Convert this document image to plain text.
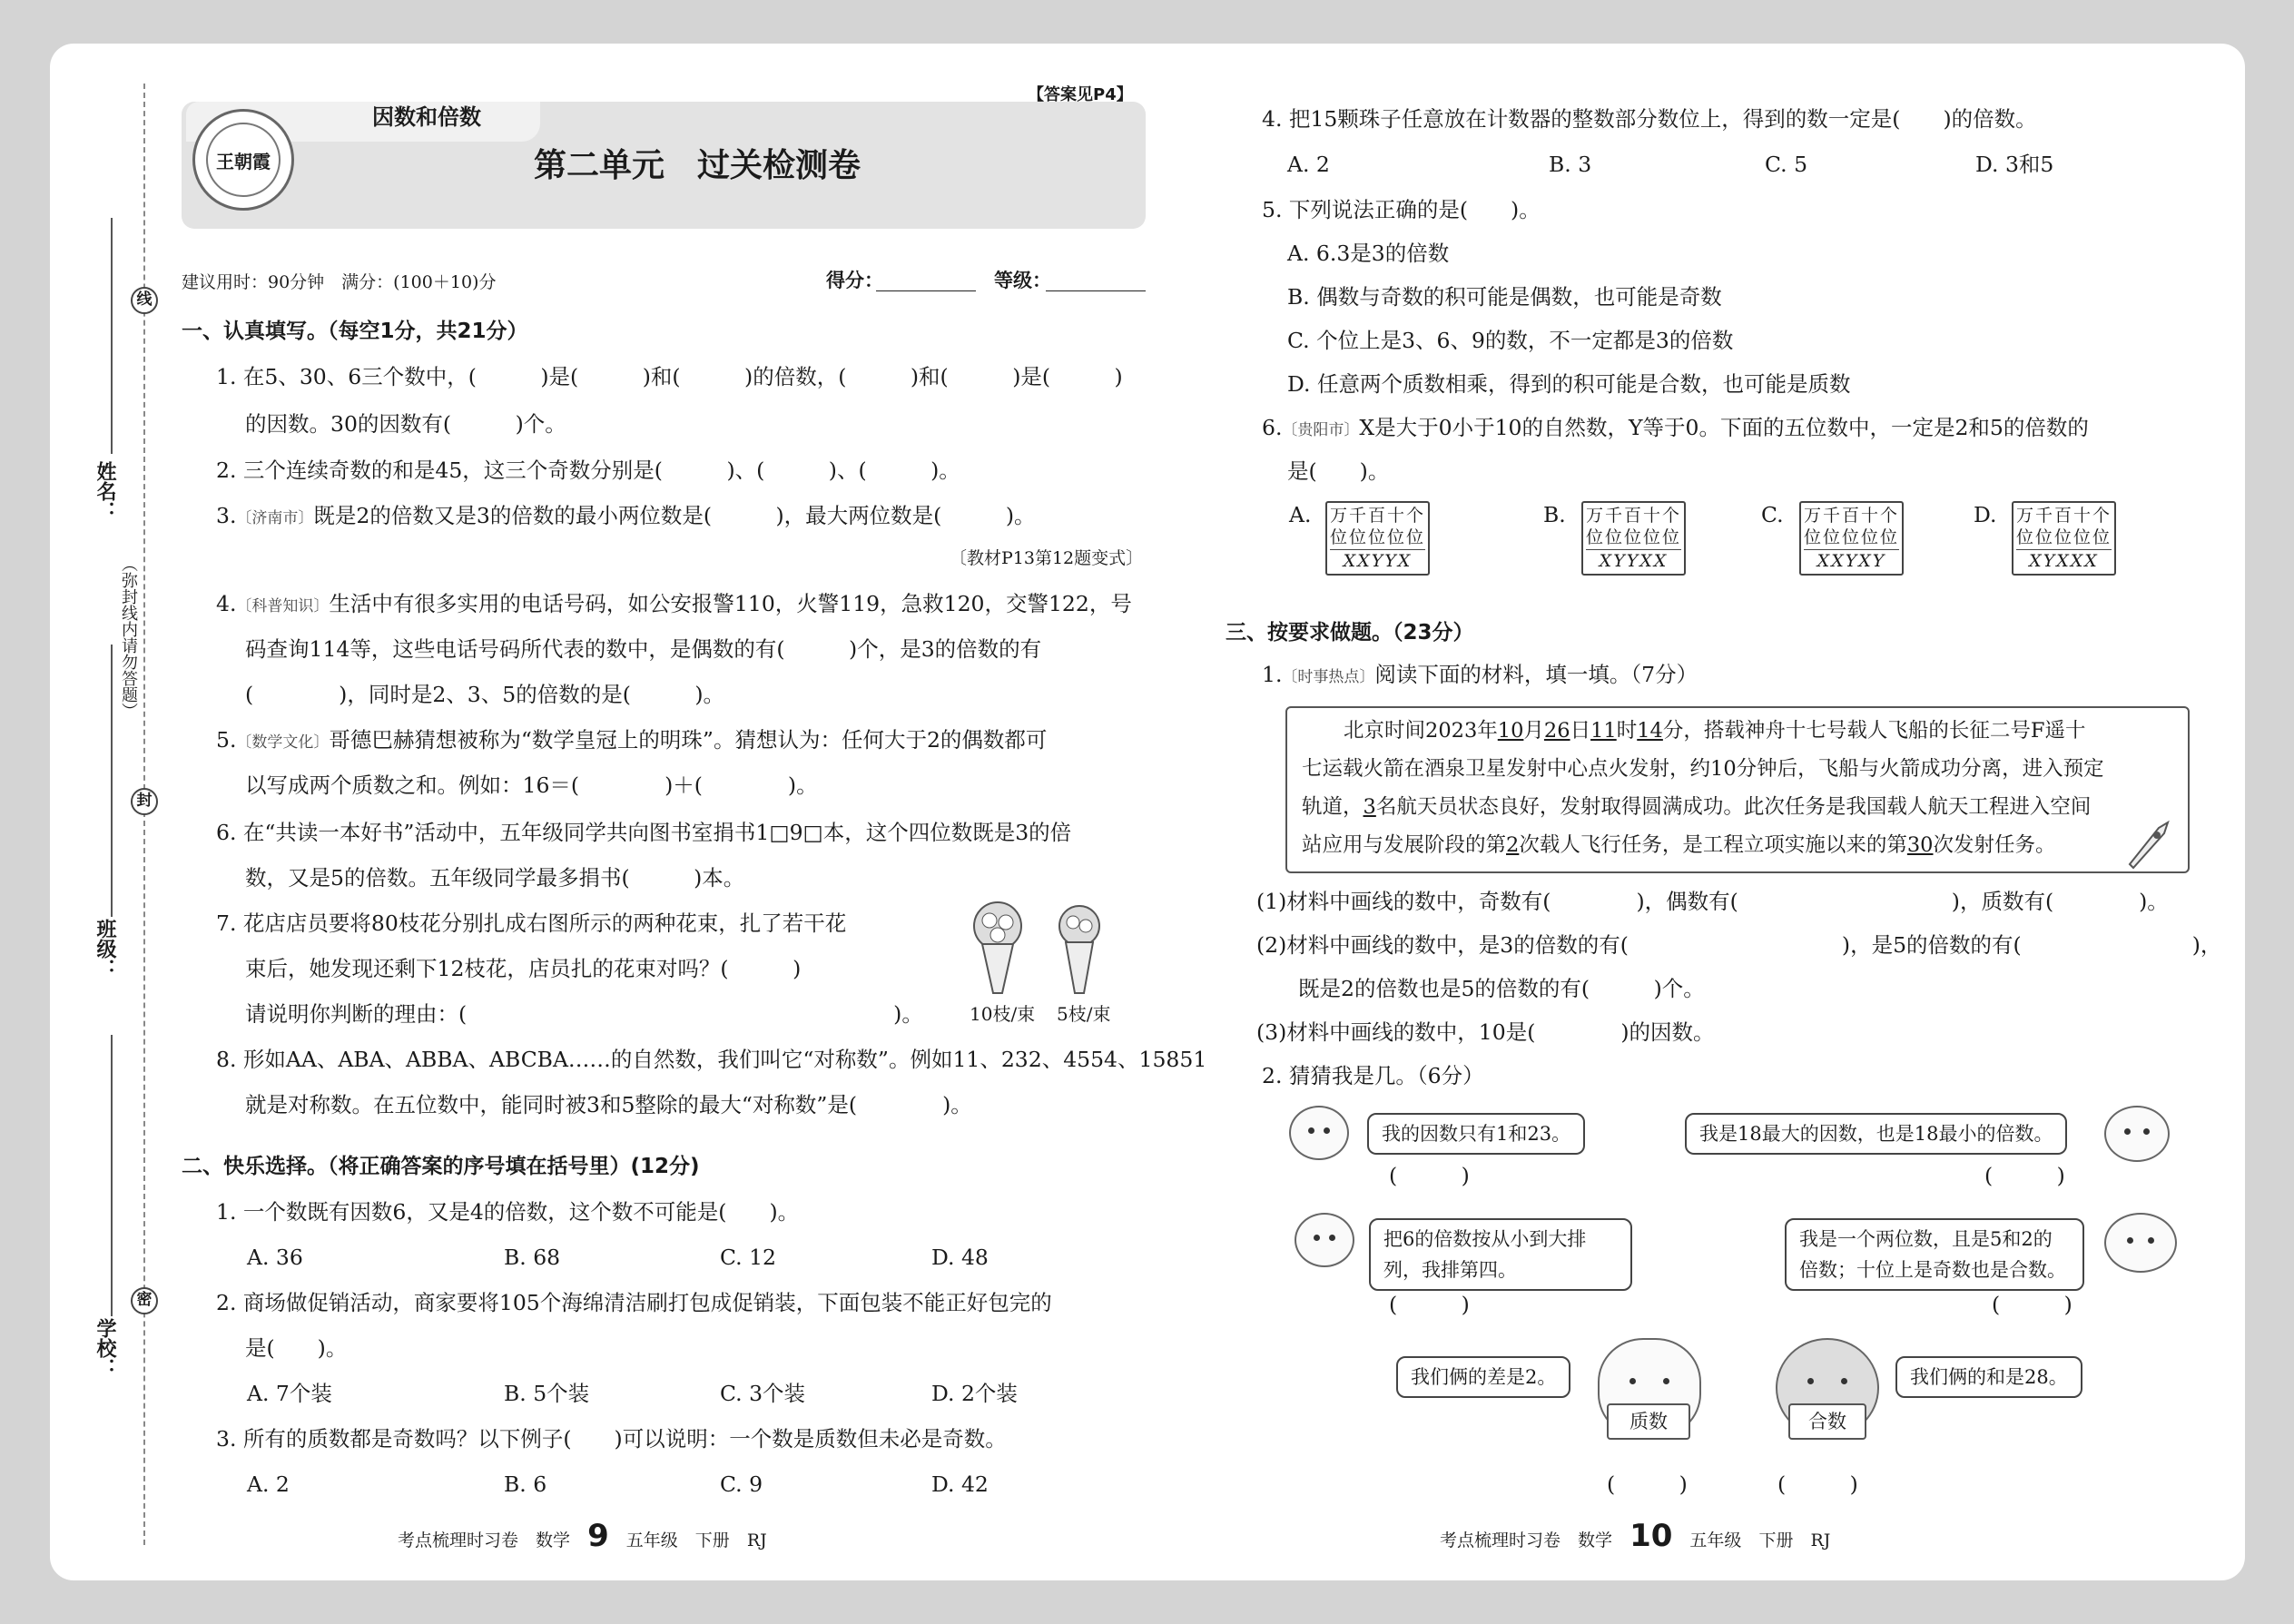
线
封
密
（弥封线内请勿答题）
姓名：
班级：
学校：
王朝霞
因数和倍数
【答案见P4】
第二单元　过关检测卷
建议用时：90分钟　满分：(100＋10)分	得分：	等级：
一、认真填写。（每空1分，共21分）
1. 在5、30、6三个数中，(　　　)是(　　　)和(　　　)的倍数，(　　　)和(　　　)是(　　　)
的因数。30的因数有(　　　)个。
2. 三个连续奇数的和是45，这三个奇数分别是(　　　)、(　　　)、(　　　)。
3.〔济南市〕既是2的倍数又是3的倍数的最小两位数是(　　　)，最大两位数是(　　　)。
〔教材P13第12题变式〕
4.〔科普知识〕生活中有很多实用的电话号码，如公安报警110，火警119，急救120，交警122，号
码查询114等，这些电话号码所代表的数中，是偶数的有(　　　)个，是3的倍数的有
(　　　　)，同时是2、3、5的倍数的是(　　　)。
5.〔数学文化〕哥德巴赫猜想被称为“数学皇冠上的明珠”。猜想认为：任何大于2的偶数都可
以写成两个质数之和。例如：16＝(　　　　)＋(　　　　)。
6. 在“共读一本好书”活动中，五年级同学共向图书室捐书1□9□本，这个四位数既是3的倍
数，又是5的倍数。五年级同学最多捐书(　　　)本。
7. 花店店员要将80枝花分别扎成右图所示的两种花束，扎了若干花
束后，她发现还剩下12枝花，店员扎的花束对吗？(　　　)
请说明你判断的理由：(　　　　　　　　　　　　　　　　　　　　)。	10枝/束 5枝/束
8. 形如AA、ABA、ABBA、ABCBA……的自然数，我们叫它“对称数”。例如11、232、4554、15851
就是对称数。在五位数中，能同时被3和5整除的最大“对称数”是(　　　　)。
二、快乐选择。（将正确答案的序号填在括号里）(12分)
1. 一个数既有因数6，又是4的倍数，这个数不可能是(　　)。
A. 36	B. 68	C. 12	D. 48
2. 商场做促销活动，商家要将105个海绵清洁刷打包成促销装，下面包装不能正好包完的
是(　　)。
A. 7个装	B. 5个装	C. 3个装	D. 2个装
3. 所有的质数都是奇数吗？以下例子(　　)可以说明：一个数是质数但未必是奇数。
A. 2	B. 6	C. 9	D. 42
考点梳理时习卷　 数学　 9　 五年级　 下册　 RJ
4. 把15颗珠子任意放在计数器的整数部分数位上，得到的数一定是(　　)的倍数。
A. 2	B. 3	C. 5	D. 3和5
5. 下列说法正确的是(　　)。
A. 6.3是3的倍数
B. 偶数与奇数的积可能是偶数，也可能是奇数
C. 个位上是3、6、9的数，不一定都是3的倍数
D. 任意两个质数相乘，得到的积可能是合数，也可能是质数
6.〔贵阳市〕X是大于0小于10的自然数，Y等于0。下面的五位数中，一定是2和5的倍数的
是(　　)。
A. 万千百十个
位位位位位
XXYYX
B. 万千百十个
位位位位位
XYYXX
C. 万千百十个
位位位位位
XXYXY
D. 万千百十个
位位位位位
XYXXX
三、按要求做题。（23分）
1.〔时事热点〕阅读下面的材料，填一填。（7分）
北京时间2023年10月26日11时14分，搭载神舟十七号载人飞船的长征二号F遥十
七运载火箭在酒泉卫星发射中心点火发射，约10分钟后，飞船与火箭成功分离，进入预定
轨道，3名航天员状态良好，发射取得圆满成功。此次任务是我国载人航天工程进入空间
站应用与发展阶段的第2次载人飞行任务，是工程立项实施以来的第30次发射任务。
(1)材料中画线的数中，奇数有(　　　　)，偶数有(　　　　　　　　　　)，质数有(　　　　)。
(2)材料中画线的数中，是3的倍数的有(　　　　　　　　　　)，是5的倍数的有(　　　　　　　　)，
既是2的倍数也是5的倍数的有(　　　)个。
(3)材料中画线的数中，10是(　　　　)的因数。
2. 猜猜我是几。（6分）
我的因数只有1和23。
(　　　)
我是18最大的因数，也是18最小的倍数。
(　　　)
把6的倍数按从小到大排
列，我排第四。
(　　　)
我是一个两位数，且是5和2的
倍数；十位上是奇数也是合数。
(　　　)
我们俩的差是2。
质数
(　　　)
合数
我们俩的和是28。
(　　　)
考点梳理时习卷　 数学　 10　 五年级　 下册　 RJ
